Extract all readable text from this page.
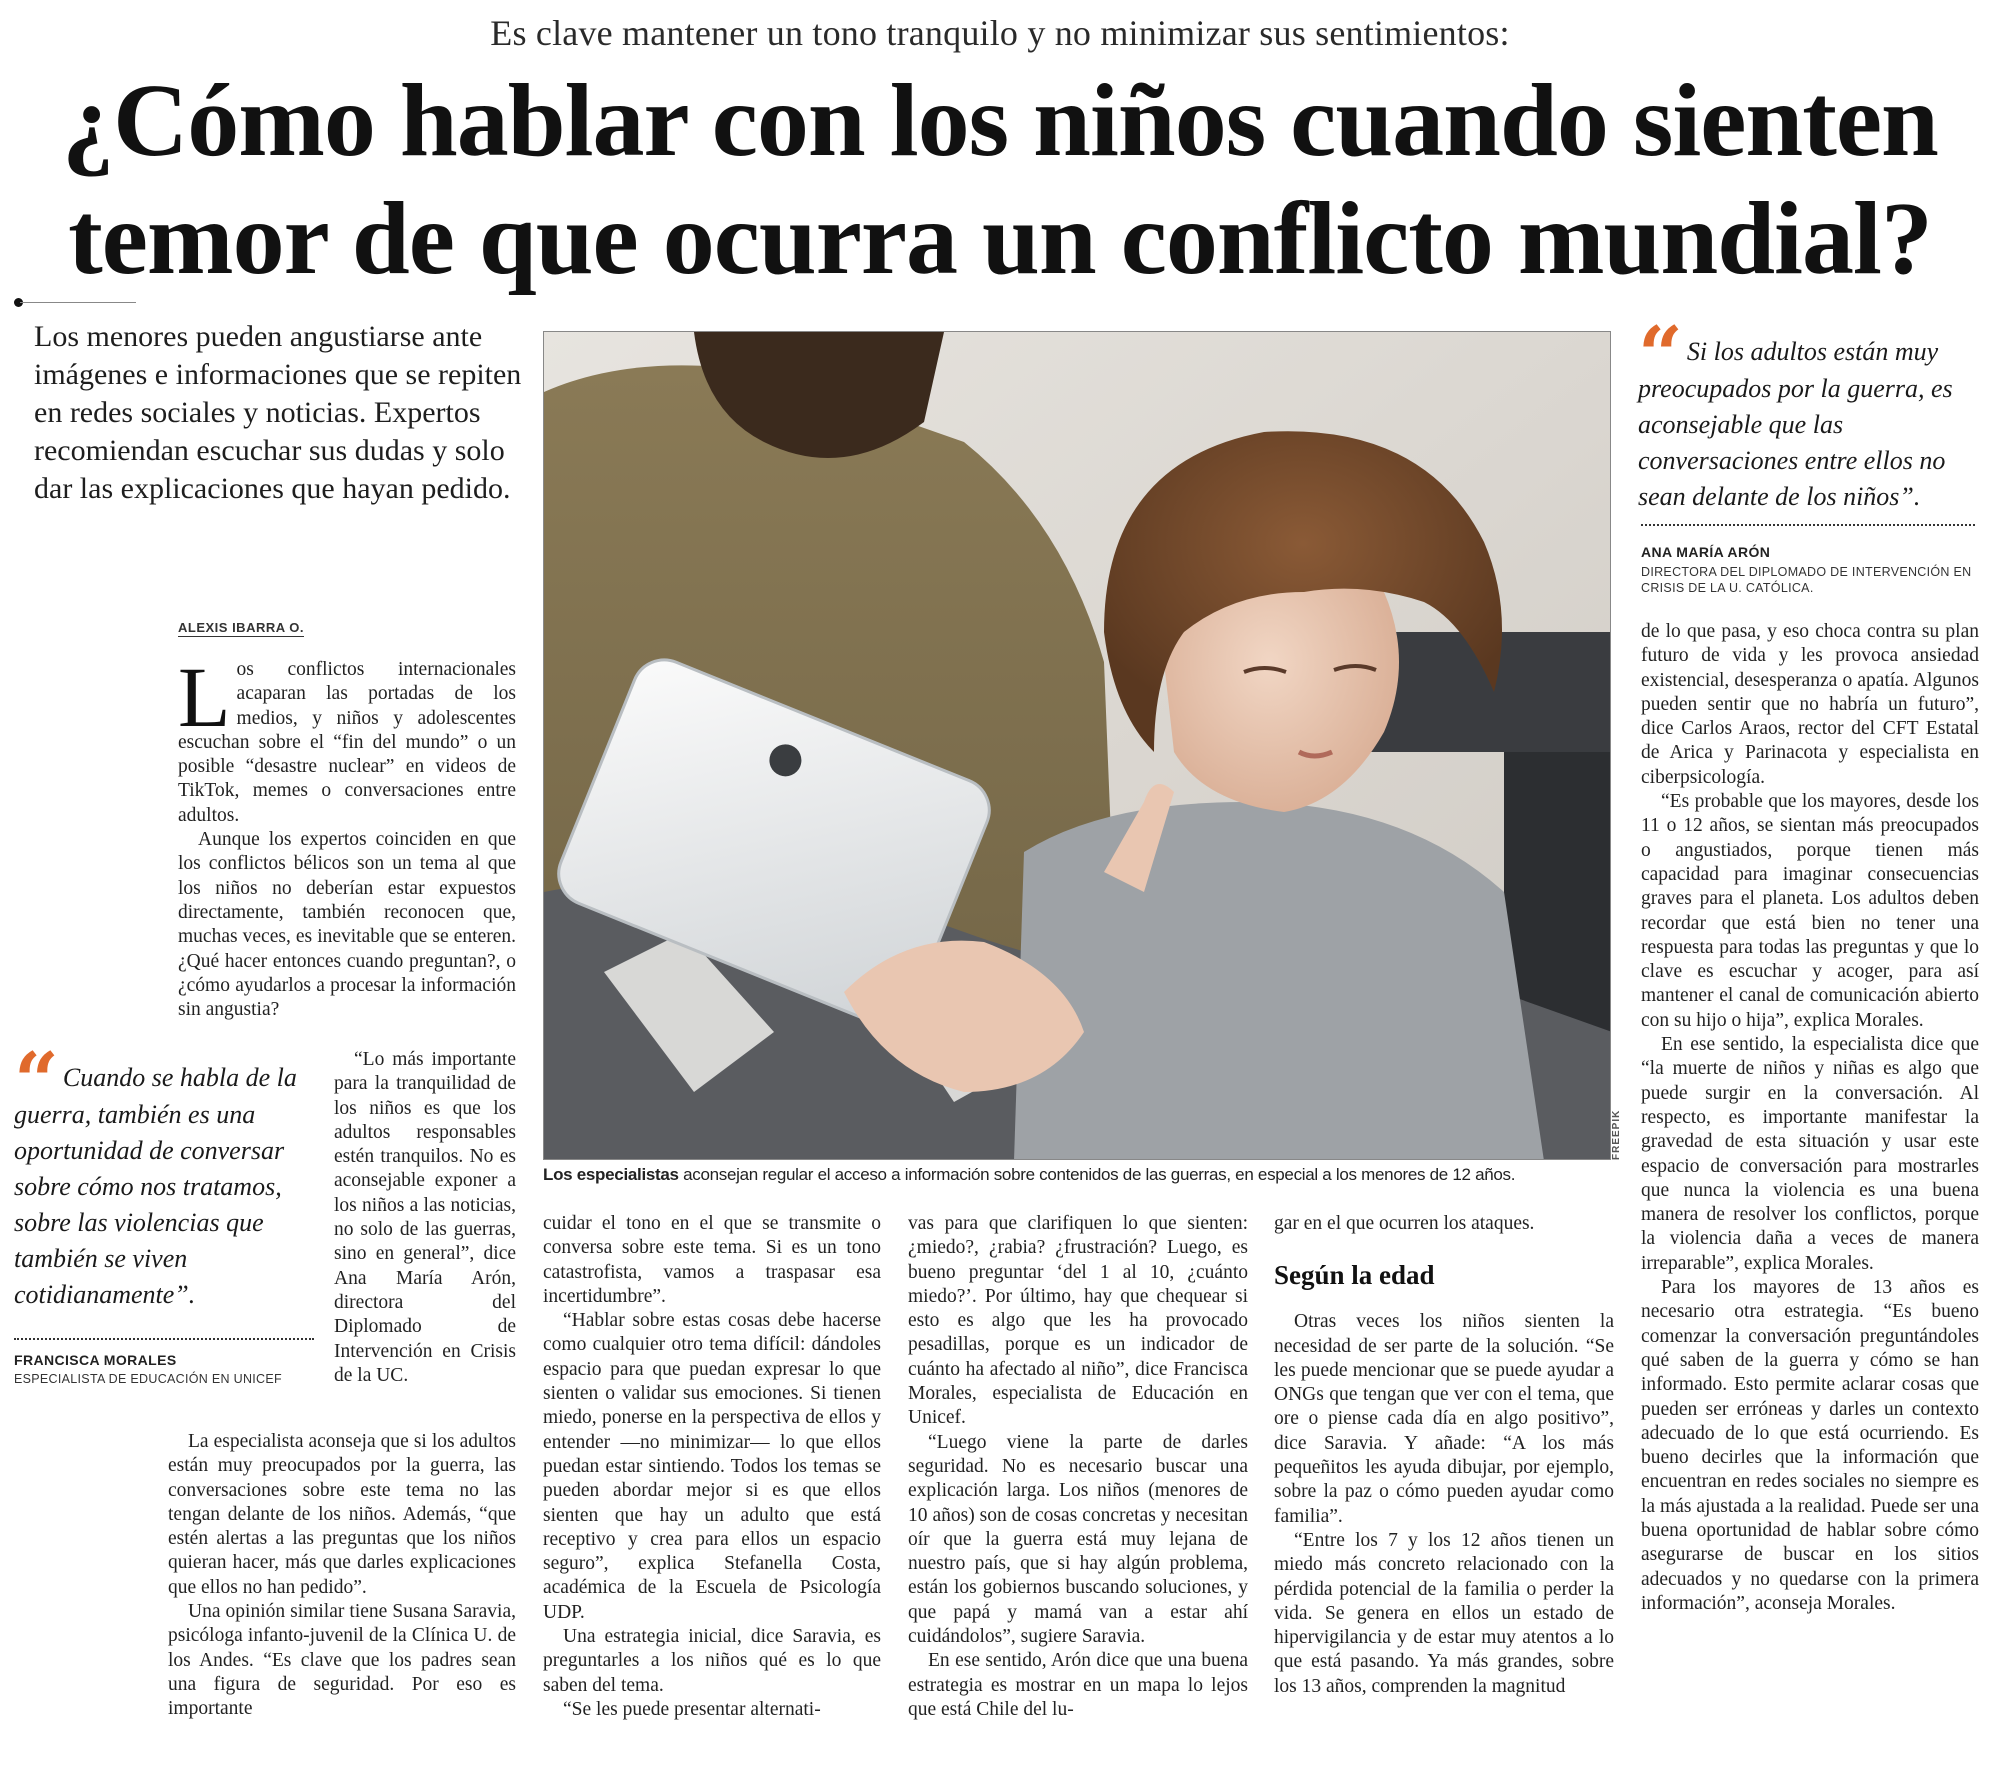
Es clave mantener un tono tranquilo y no minimizar sus sentimientos:
¿Cómo hablar con los niños cuando sienten
temor de que ocurra un conflicto mundial?
Los menores pueden angustiarse ante imágenes e informaciones que se repiten en redes sociales y noticias. Expertos recomiendan escuchar sus dudas y solo dar las explicaciones que hayan pedido.
ALEXIS IBARRA O.
FREEPIK
Los especialistas aconsejan regular el acceso a información sobre contenidos de las guerras, en especial a los menores de 12 años.
“ Cuando se habla de la guerra, también es una oportunidad de conversar sobre cómo nos tratamos, sobre las violencias que también se viven cotidianamente”.
FRANCISCA MORALES
ESPECIALISTA DE EDUCACIÓN EN UNICEF
“ Si los adultos están muy preocupados por la guerra, es aconsejable que las conversaciones entre ellos no sean delante de los niños”.
ANA MARÍA ARÓN
DIRECTORA DEL DIPLOMADO DE INTERVENCIÓN EN CRISIS DE LA U. CATÓLICA.

Los conflictos internacionales acaparan las portadas de los medios, y niños y adolescentes escuchan sobre el “fin del mundo” o un posible “desastre nuclear” en videos de TikTok, memes o conversaciones entre adultos.

Aunque los expertos coinciden en que los conflictos bélicos son un tema al que los niños no deberían estar expuestos directamente, también reconocen que, muchas veces, es inevitable que se enteren. ¿Qué hacer entonces cuando preguntan?, o ¿cómo ayudarlos a procesar la información sin angustia?

“Lo más importante para la tranquilidad de los niños es que los adultos responsables estén tranquilos. No es aconsejable exponer a los niños a las noticias, no solo de las guerras, sino en general”, dice Ana María Arón, directora del Diplomado de Intervención en Crisis de la UC.

La especialista aconseja que si los adultos están muy preocupados por la guerra, las conversaciones sobre este tema no las tengan delante de los niños. Además, “que estén alertas a las preguntas que los niños quieran hacer, más que darles explicaciones que ellos no han pedido”.

Una opinión similar tiene Susana Saravia, psicóloga infanto-juvenil de la Clínica U. de los Andes. “Es clave que los padres sean una figura de seguridad. Por eso es importante

cuidar el tono en el que se transmite o conversa sobre este tema. Si es un tono catastrofista, vamos a traspasar esa incertidumbre”.

“Hablar sobre estas cosas debe hacerse como cualquier otro tema difícil: dándoles espacio para que puedan expresar lo que sienten o validar sus emociones. Si tienen miedo, ponerse en la perspectiva de ellos y entender —no minimizar— lo que ellos puedan estar sintiendo. Todos los temas se pueden abordar mejor si es que ellos sienten que hay un adulto que está receptivo y crea para ellos un espacio seguro”, explica Stefanella Costa, académica de la Escuela de Psicología UDP.

Una estrategia inicial, dice Saravia, es preguntarles a los niños qué es lo que saben del tema.

“Se les puede presentar alternati-

vas para que clarifiquen lo que sienten: ¿miedo?, ¿rabia? ¿frustración? Luego, es bueno preguntar ‘del 1 al 10, ¿cuánto miedo?’. Por último, hay que chequear si esto es algo que les ha provocado pesadillas, porque es un indicador de cuánto ha afectado al niño”, dice Francisca Morales, especialista de Educación en Unicef.

“Luego viene la parte de darles seguridad. No es necesario buscar una explicación larga. Los niños (menores de 10 años) son de cosas concretas y necesitan oír que la guerra está muy lejana de nuestro país, que si hay algún problema, están los gobiernos buscando soluciones, y que papá y mamá van a estar ahí cuidándolos”, sugiere Saravia.

En ese sentido, Arón dice que una buena estrategia es mostrar en un mapa lo lejos que está Chile del lu-

gar en el que ocurren los ataques.

Según la edad

Otras veces los niños sienten la necesidad de ser parte de la solución. “Se les puede mencionar que se puede ayudar a ONGs que tengan que ver con el tema, que ore o piense cada día en algo positivo”, dice Saravia. Y añade: “A los más pequeñitos les ayuda dibujar, por ejemplo, sobre la paz o cómo pueden ayudar como familia”.

“Entre los 7 y los 12 años tienen un miedo más concreto relacionado con la pérdida potencial de la familia o perder la vida. Se genera en ellos un estado de hipervigilancia y de estar muy atentos a lo que está pasando. Ya más grandes, sobre los 13 años, comprenden la magnitud

de lo que pasa, y eso choca contra su plan futuro de vida y les provoca ansiedad existencial, desesperanza o apatía. Algunos pueden sentir que no habría un futuro”, dice Carlos Araos, rector del CFT Estatal de Arica y Parinacota y especialista en ciberpsicología.

“Es probable que los mayores, desde los 11 o 12 años, se sientan más preocupados o angustiados, porque tienen más capacidad para imaginar consecuencias graves para el planeta. Los adultos deben recordar que está bien no tener una respuesta para todas las preguntas y que lo clave es escuchar y acoger, para así mantener el canal de comunicación abierto con su hijo o hija”, explica Morales.

En ese sentido, la especialista dice que “la muerte de niños y niñas es algo que puede surgir en la conversación. Al respecto, es importante manifestar la gravedad de esta situación y usar este espacio de conversación para mostrarles que nunca la violencia es una buena manera de resolver los conflictos, porque la violencia daña a veces de manera irreparable”, explica Morales.

Para los mayores de 13 años es necesario otra estrategia. “Es bueno comenzar la conversación preguntándoles qué saben de la guerra y cómo se han informado. Esto permite aclarar cosas que pueden ser erróneas y darles un contexto adecuado de lo que está ocurriendo. Es bueno decirles que la información que encuentran en redes sociales no siempre es la más ajustada a la realidad. Puede ser una buena oportunidad de hablar sobre cómo asegurarse de buscar en los sitios adecuados y no quedarse con la primera información”, aconseja Morales.
